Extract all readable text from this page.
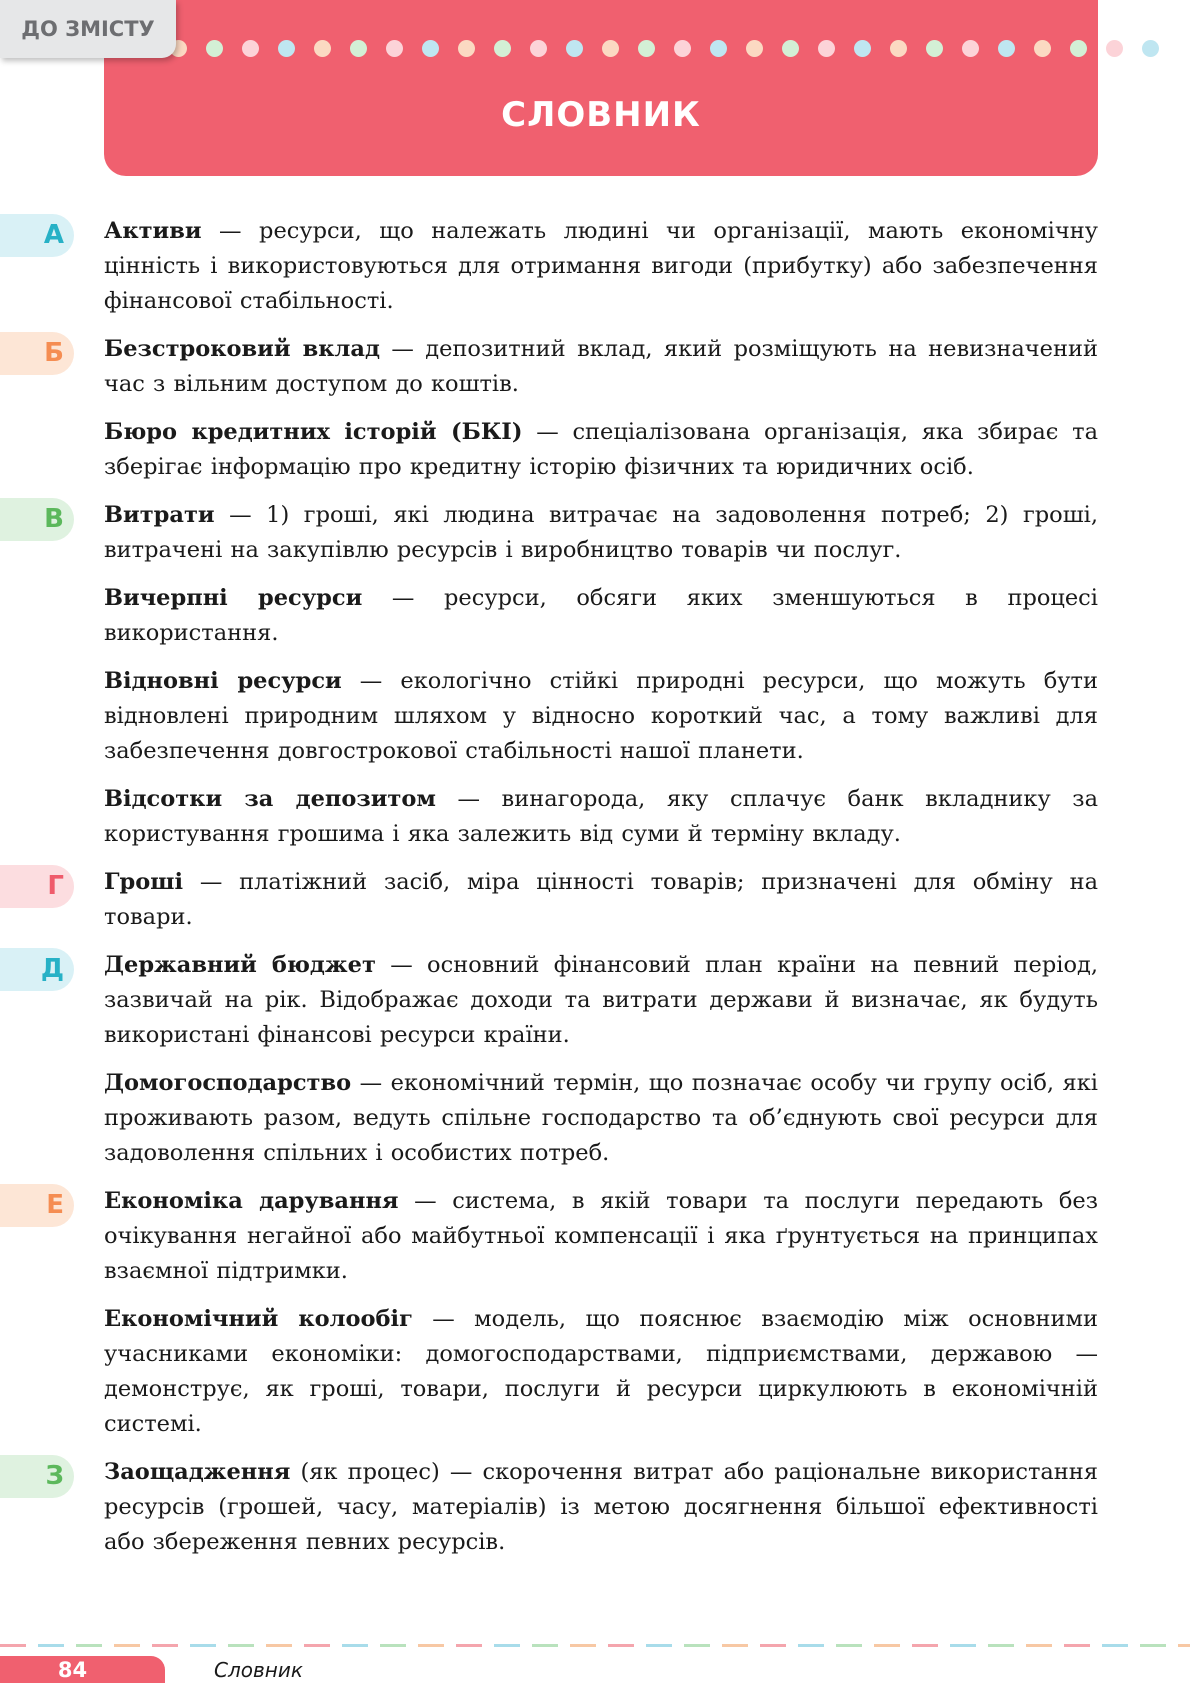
СЛОВНИК
ДО ЗМІСТУ
А Активи — ресурси, що належать людині чи організації, мають економічну цінність і використовуються для отримання вигоди (прибутку) або забезпечення фінансової стабільності.
Б Безстроковий вклад — депозитний вклад, який розміщують на невизначений час з вільним доступом до коштів.
Бюро кредитних історій (БКІ) — спеціалізована організація, яка збирає та зберігає інформацію про кредитну історію фізичних та юридичних осіб.
В Витрати — 1) гроші, які людина витрачає на задоволення потреб; 2) гроші, витрачені на закупівлю ресурсів і виробництво товарів чи послуг.
Вичерпні ресурси — ресурси, обсяги яких зменшуються в процесі використання.
Відновні ресурси — екологічно стійкі природні ресурси, що можуть бути відновлені природним шляхом у відносно короткий час, а тому важливі для забезпечення довгострокової стабільності нашої планети.
Відсотки за депозитом — винагорода, яку сплачує банк вкладнику за користування грошима і яка залежить від суми й терміну вкладу.
Г Гроші — платіжний засіб, міра цінності товарів; призначені для обміну на товари.
Д Державний бюджет — основний фінансовий план країни на певний період, зазвичай на рік. Відображає доходи та витрати держави й визначає, як будуть використані фінансові ресурси країни.
Домогосподарство — економічний термін, що позначає особу чи групу осіб, які проживають разом, ведуть спільне господарство та об’єднують свої ресурси для задоволення спільних і особистих потреб.
Е Економіка дарування — система, в якій товари та послуги передають без очікування негайної або майбутньої компенсації і яка ґрунтується на принципах взаємної підтримки.
Економічний колообіг — модель, що пояснює взаємодію між основними учасниками економіки: домогосподарствами, підприємствами, державою — демонструє, як гроші, товари, послуги й ресурси циркулюють в економічній системі.
З Заощадження (як процес) — скорочення витрат або раціональне використання ресурсів (грошей, часу, матеріалів) із метою досягнення більшої ефективності або збереження певних ресурсів.
84	Словник
